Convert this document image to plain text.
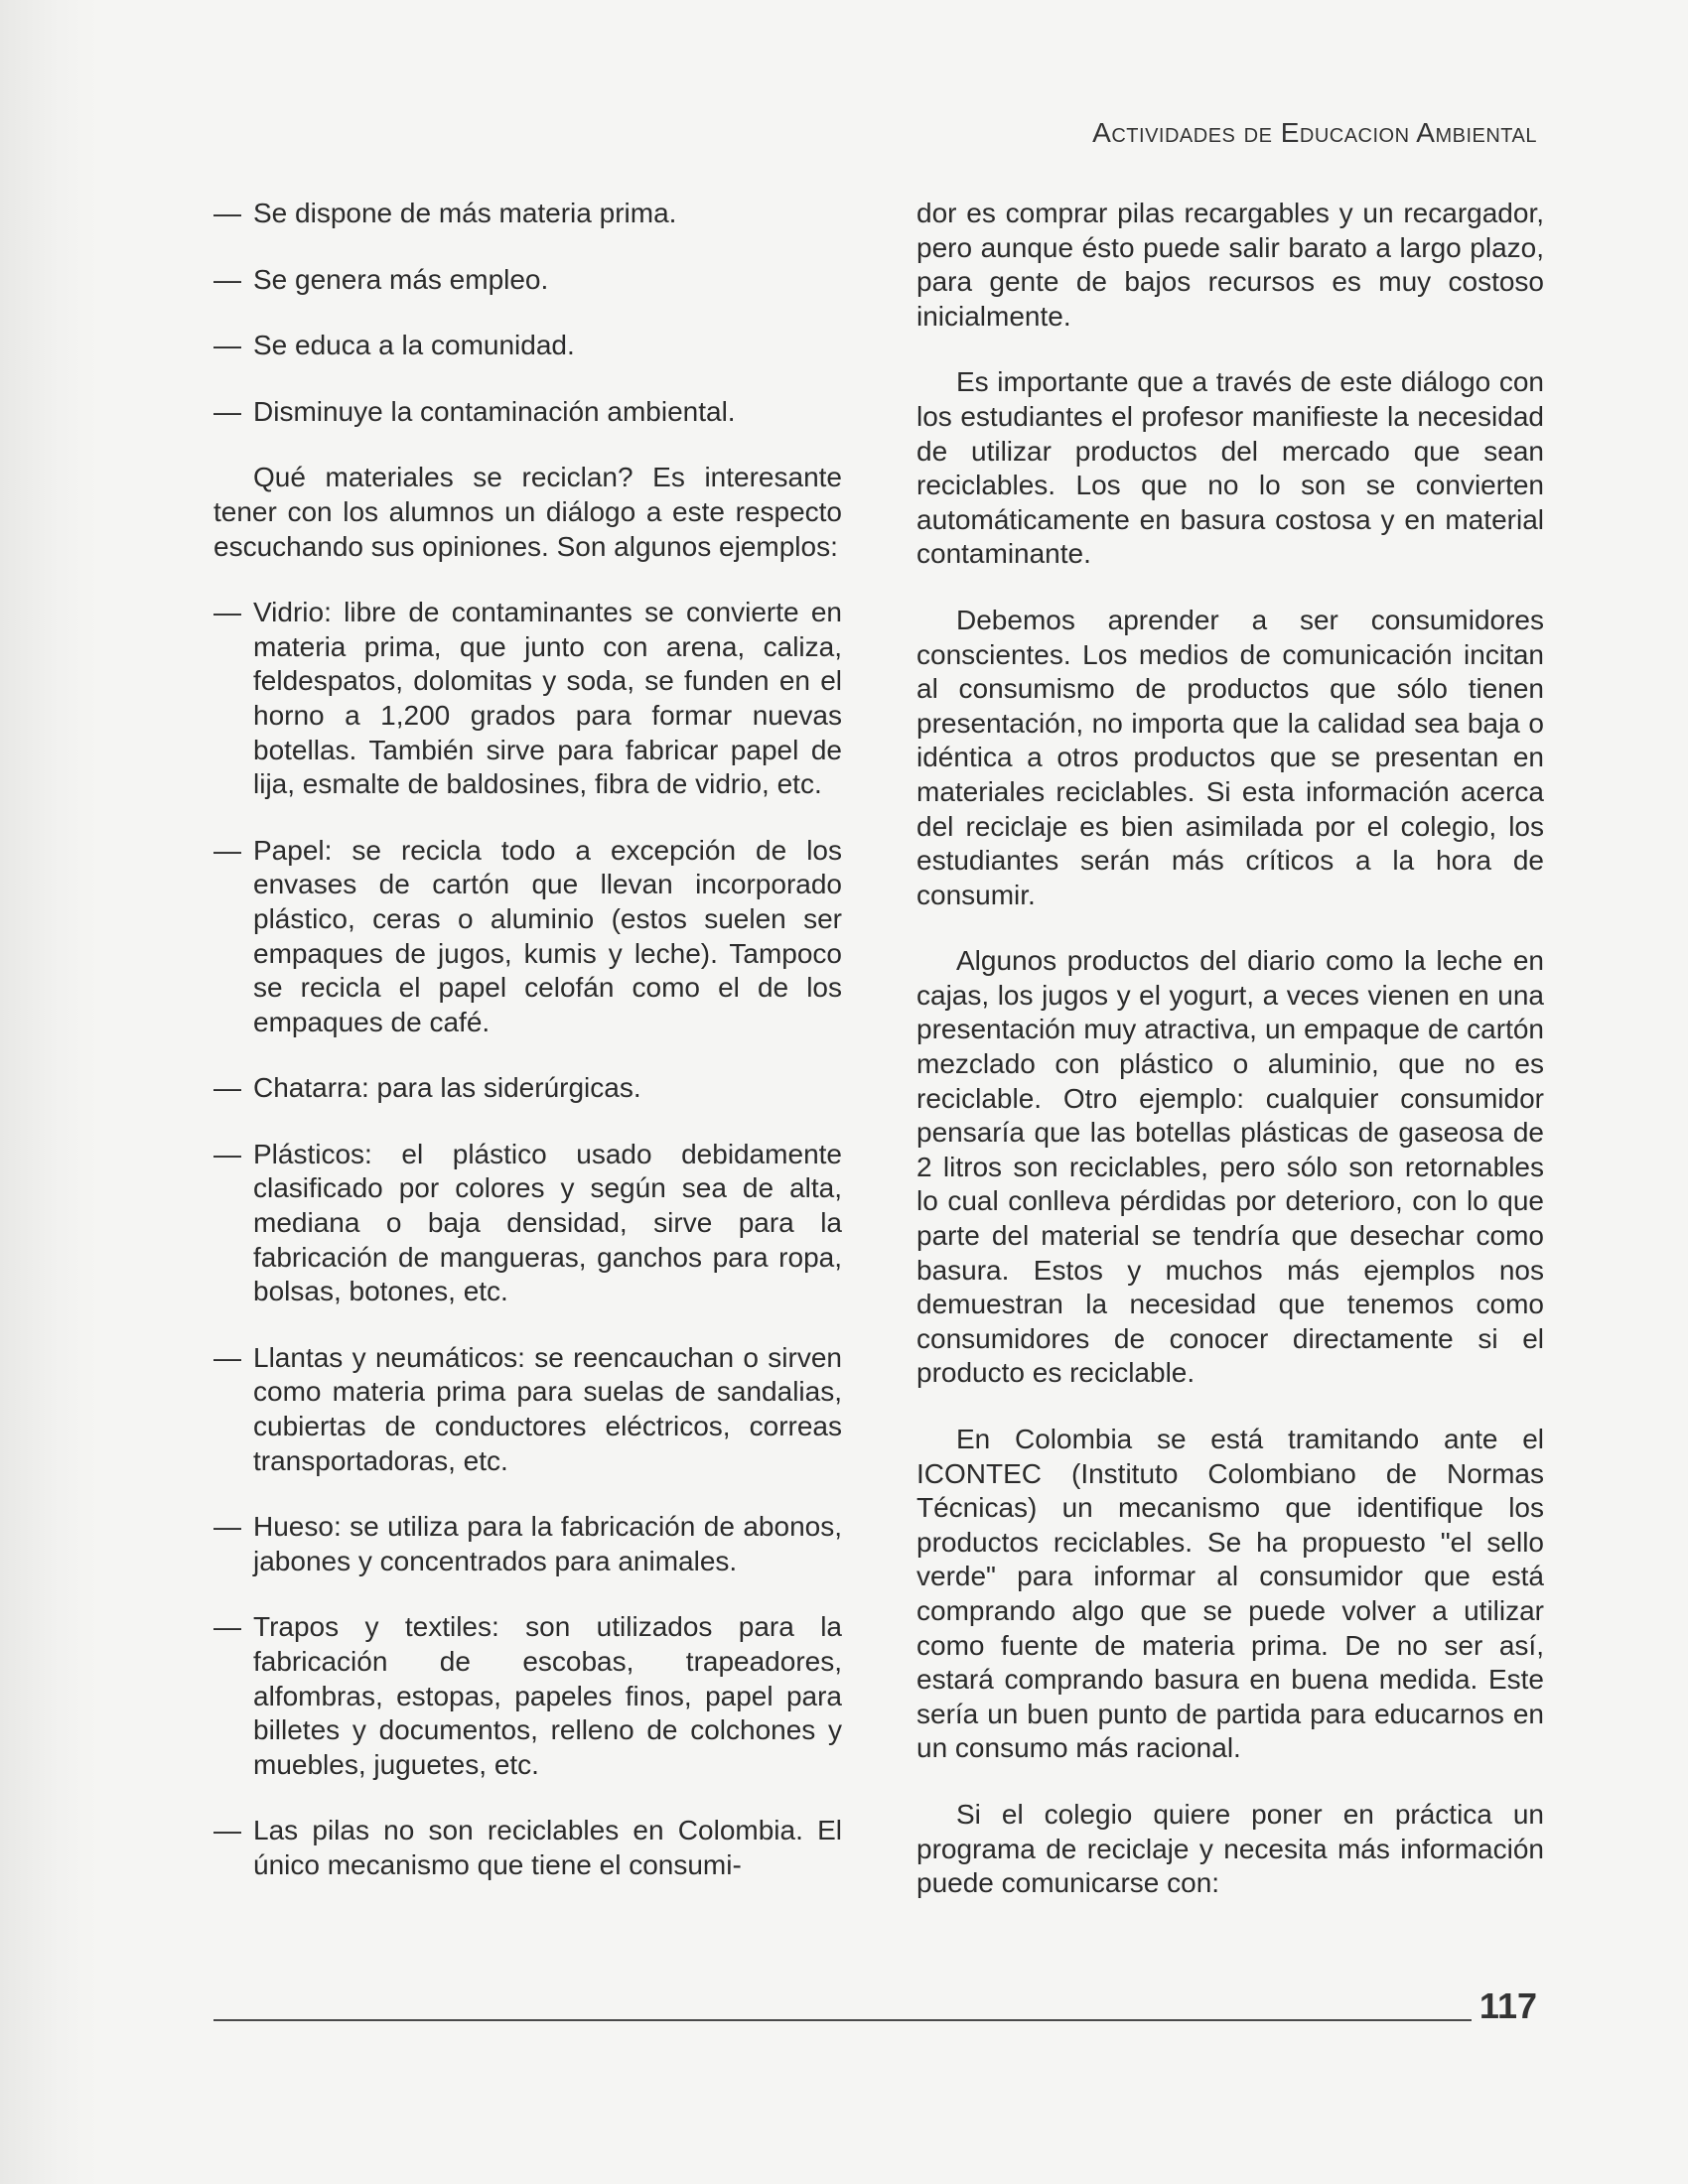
Actividades de Educacion Ambiental
— Se dispone de más materia prima.
— Se genera más empleo.
— Se educa a la comunidad.
— Disminuye la contaminación ambiental.

Qué materiales se reciclan? Es interesante tener con los alumnos un diálogo a este respecto escuchando sus opiniones. Son algunos ejemplos:

— Vidrio: libre de contaminantes se convierte en materia prima, que junto con arena, caliza, feldespatos, dolomitas y soda, se funden en el horno a 1,200 grados para formar nuevas botellas. También sirve para fabricar papel de lija, esmalte de baldosines, fibra de vidrio, etc.
— Papel: se recicla todo a excepción de los envases de cartón que llevan incorporado plástico, ceras o aluminio (estos suelen ser empaques de jugos, kumis y leche). Tampoco se recicla el papel celofán como el de los empaques de café.
— Chatarra: para las siderúrgicas.
— Plásticos: el plástico usado debidamente clasificado por colores y según sea de alta, mediana o baja densidad, sirve para la fabricación de mangueras, ganchos para ropa, bolsas, botones, etc.
— Llantas y neumáticos: se reencauchan o sirven como materia prima para suelas de sandalias, cubiertas de conductores eléctricos, correas transportadoras, etc.
— Hueso: se utiliza para la fabricación de abonos, jabones y concentrados para animales.
— Trapos y textiles: son utilizados para la fabricación de escobas, trapeadores, alfombras, estopas, papeles finos, papel para billetes y documentos, relleno de colchones y muebles, juguetes, etc.
— Las pilas no son reciclables en Colombia. El único mecanismo que tiene el consumi-

dor es comprar pilas recargables y un recargador, pero aunque ésto puede salir barato a largo plazo, para gente de bajos recursos es muy costoso inicialmente.

Es importante que a través de este diálogo con los estudiantes el profesor manifieste la necesidad de utilizar productos del mercado que sean reciclables. Los que no lo son se convierten automáticamente en basura costosa y en material contaminante.

Debemos aprender a ser consumidores conscientes. Los medios de comunicación incitan al consumismo de productos que sólo tienen presentación, no importa que la calidad sea baja o idéntica a otros productos que se presentan en materiales reciclables. Si esta información acerca del reciclaje es bien asimilada por el colegio, los estudiantes serán más críticos a la hora de consumir.

Algunos productos del diario como la leche en cajas, los jugos y el yogurt, a veces vienen en una presentación muy atractiva, un empaque de cartón mezclado con plástico o aluminio, que no es reciclable. Otro ejemplo: cualquier consumidor pensaría que las botellas plásticas de gaseosa de 2 litros son reciclables, pero sólo son retornables lo cual conlleva pérdidas por deterioro, con lo que parte del material se tendría que desechar como basura. Estos y muchos más ejemplos nos demuestran la necesidad que tenemos como consumidores de conocer directamente si el producto es reciclable.

En Colombia se está tramitando ante el ICONTEC (Instituto Colombiano de Normas Técnicas) un mecanismo que identifique los productos reciclables. Se ha propuesto "el sello verde" para informar al consumidor que está comprando algo que se puede volver a utilizar como fuente de materia prima. De no ser así, estará comprando basura en buena medida. Este sería un buen punto de partida para educarnos en un consumo más racional.

Si el colegio quiere poner en práctica un programa de reciclaje y necesita más información puede comunicarse con:

117
